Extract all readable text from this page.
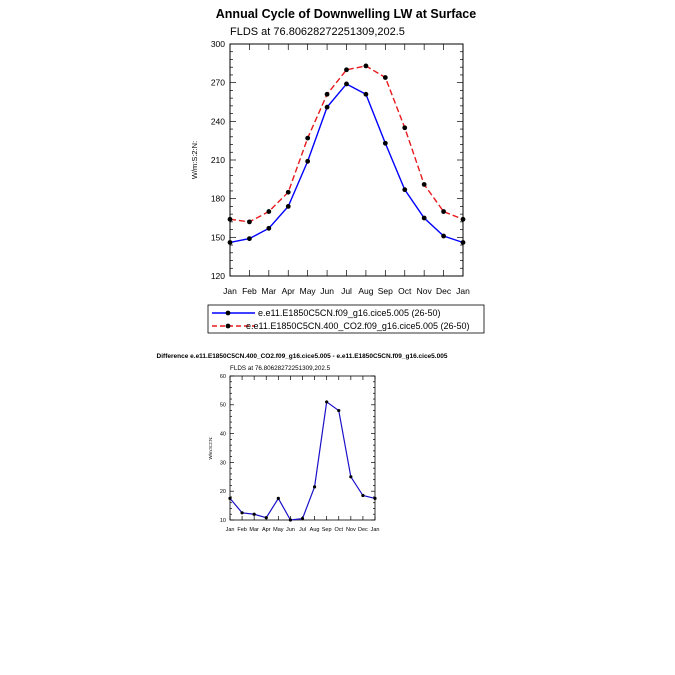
Annual Cycle of Downwelling LW at Surface
FLDS at 76.80628272251309,202.5
120
150
180
210
240
270
300
Jan Feb Mar Apr May Jun Jul Aug Sep Oct Nov Dec Jan
W/m:S:2:N:
e.e11.E1850C5CN.f09_g16.cice5.005 (26-50)
e.e11.E1850C5CN.400_CO2.f09_g16.cice5.005 (26-50)
Difference e.e11.E1850C5CN.400_CO2.f09_g16.cice5.005 - e.e11.E1850C5CN.f09_g16.cice5.005
FLDS at 76.80628272251309,202.5
10
20
30
40
50
60
Jan Feb Mar Apr May Jun Jul Aug Sep Oct Nov Dec Jan
W/m:S:2:N:
